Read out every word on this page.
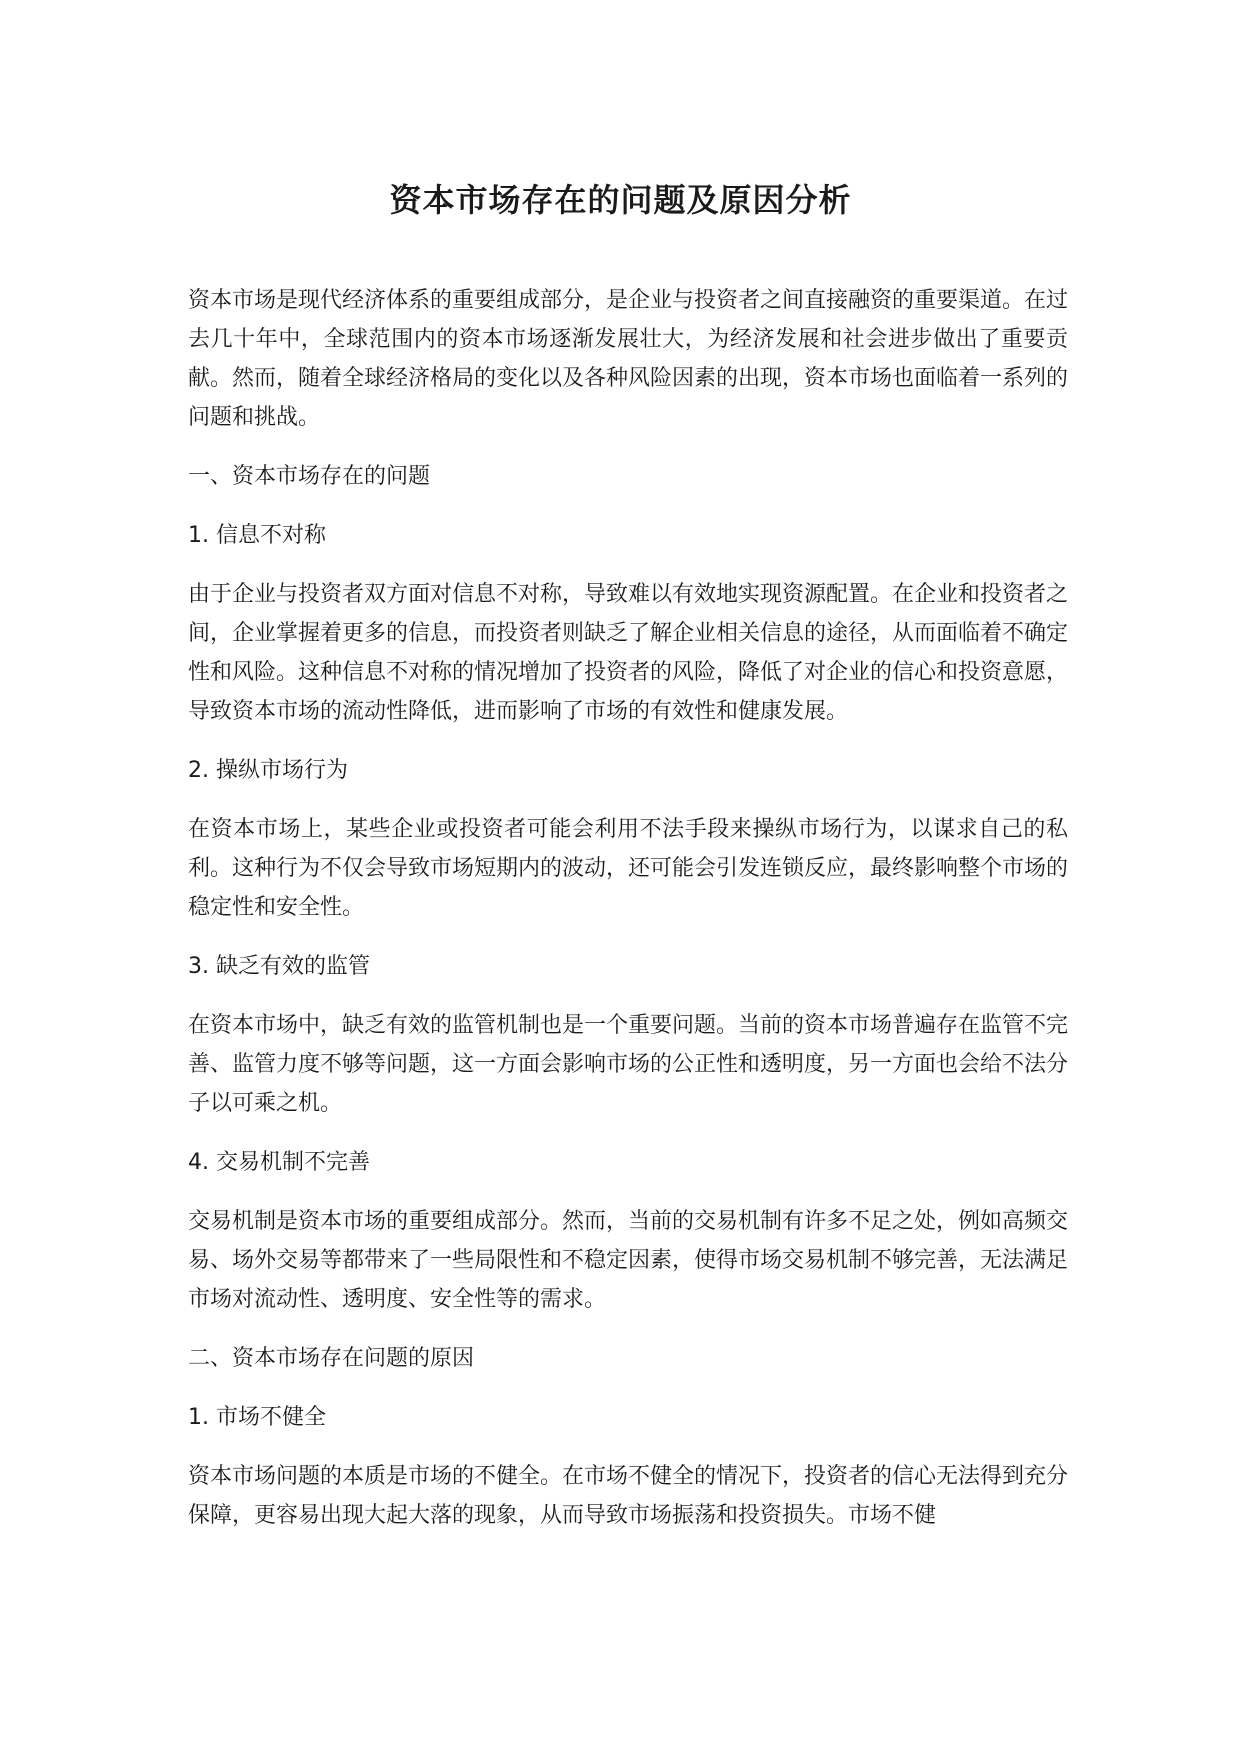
资本市场存在的问题及原因分析

资本市场是现代经济体系的重要组成部分，是企业与投资者之间直接融资的重要渠道。在过去几十年中，全球范围内的资本市场逐渐发展壮大，为经济发展和社会进步做出了重要贡献。然而，随着全球经济格局的变化以及各种风险因素的出现，资本市场也面临着一系列的问题和挑战。

一、资本市场存在的问题

1. 信息不对称

由于企业与投资者双方面对信息不对称，导致难以有效地实现资源配置。在企业和投资者之间，企业掌握着更多的信息，而投资者则缺乏了解企业相关信息的途径，从而面临着不确定性和风险。这种信息不对称的情况增加了投资者的风险，降低了对企业的信心和投资意愿，导致资本市场的流动性降低，进而影响了市场的有效性和健康发展。

2. 操纵市场行为

在资本市场上，某些企业或投资者可能会利用不法手段来操纵市场行为，以谋求自己的私利。这种行为不仅会导致市场短期内的波动，还可能会引发连锁反应，最终影响整个市场的稳定性和安全性。

3. 缺乏有效的监管

在资本市场中，缺乏有效的监管机制也是一个重要问题。当前的资本市场普遍存在监管不完善、监管力度不够等问题，这一方面会影响市场的公正性和透明度，另一方面也会给不法分子以可乘之机。

4. 交易机制不完善

交易机制是资本市场的重要组成部分。然而，当前的交易机制有许多不足之处，例如高频交易、场外交易等都带来了一些局限性和不稳定因素，使得市场交易机制不够完善，无法满足市场对流动性、透明度、安全性等的需求。

二、资本市场存在问题的原因

1. 市场不健全

资本市场问题的本质是市场的不健全。在市场不健全的情况下，投资者的信心无法得到充分保障，更容易出现大起大落的现象，从而导致市场振荡和投资损失。市场不健
